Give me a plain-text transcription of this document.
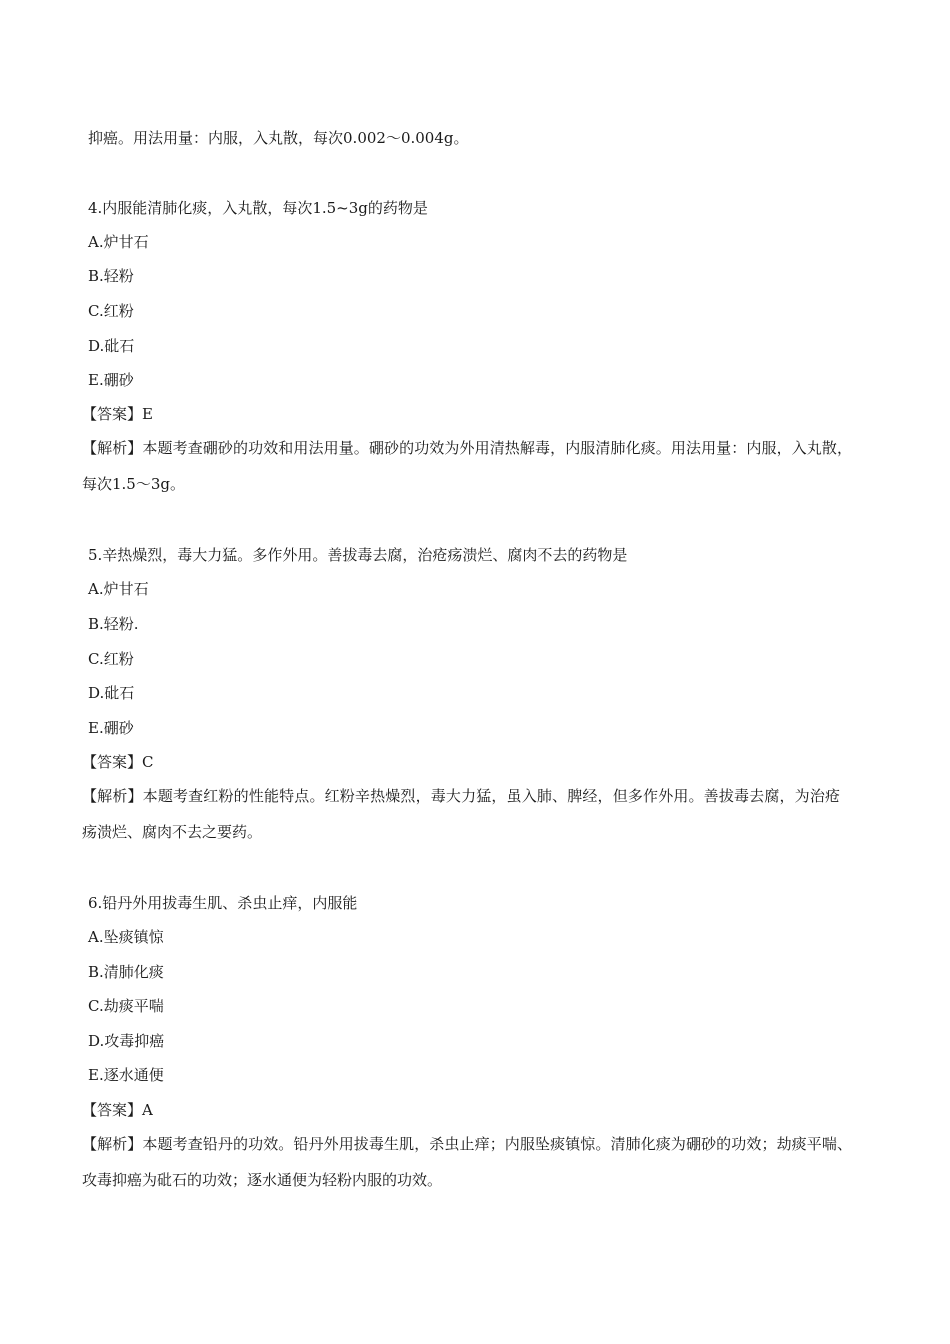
抑癌。用法用量：内服，入丸散，每次0.002～0.004g。
4.内服能清肺化痰，入丸散，每次1.5~3g的药物是
A.炉甘石
B.轻粉
C.红粉
D.砒石
E.硼砂
【答案】E
【解析】本题考查硼砂的功效和用法用量。硼砂的功效为外用清热解毒，内服清肺化痰。用法用量：内服，入丸散，每次1.5～3g。
5.辛热燥烈，毒大力猛。多作外用。善拔毒去腐，治疮疡溃烂、腐肉不去的药物是
A.炉甘石
B.轻粉.
C.红粉
D.砒石
E.硼砂
【答案】C
【解析】本题考查红粉的性能特点。红粉辛热燥烈，毒大力猛，虽入肺、脾经，但多作外用。善拔毒去腐，为治疮疡溃烂、腐肉不去之要药。
6.铅丹外用拔毒生肌、杀虫止痒，内服能
A.坠痰镇惊
B.清肺化痰
C.劫痰平喘
D.攻毒抑癌
E.逐水通便
【答案】A
【解析】本题考查铅丹的功效。铅丹外用拔毒生肌，杀虫止痒；内服坠痰镇惊。清肺化痰为硼砂的功效；劫痰平喘、攻毒抑癌为砒石的功效；逐水通便为轻粉内服的功效。
